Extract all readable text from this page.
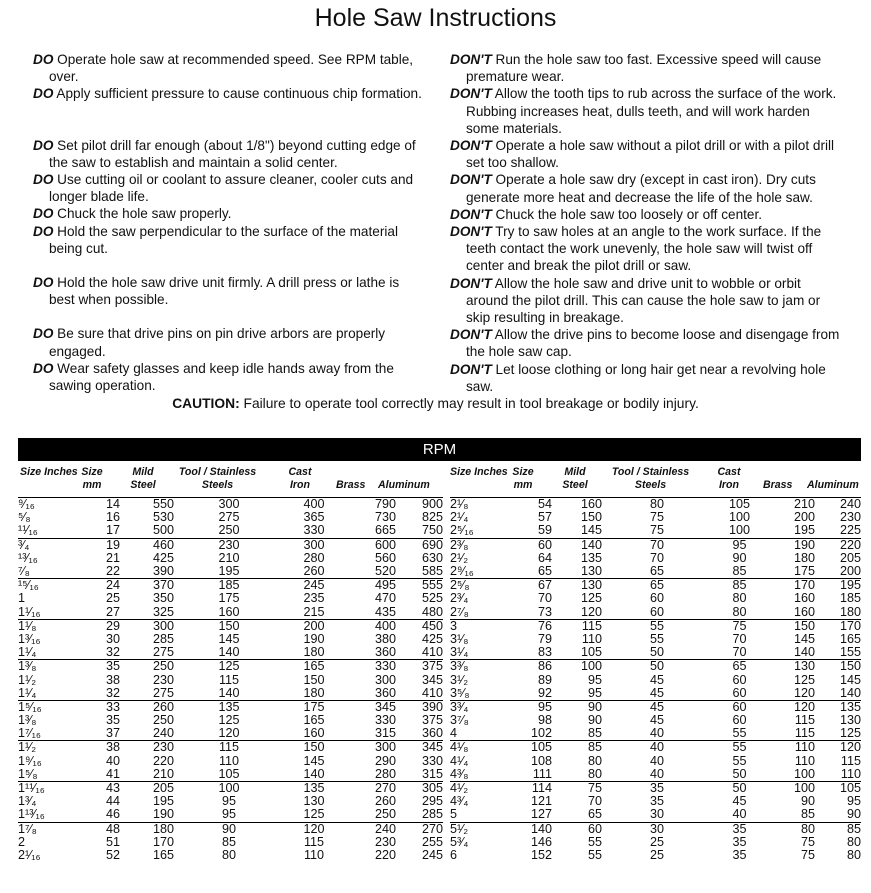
Hole Saw Instructions
DO Operate hole saw at recommended speed. See RPM table, over.
DO Apply sufficient pressure to cause continuous chip formation.
DO Set pilot drill far enough (about 1/8") beyond cutting edge of the saw to establish and maintain a solid center.
DO Use cutting oil or coolant to assure cleaner, cooler cuts and longer blade life.
DO Chuck the hole saw properly.
DO Hold the saw perpendicular to the surface of the material being cut.
DO Hold the hole saw drive unit firmly. A drill press or lathe is best when possible.
DO Be sure that drive pins on pin drive arbors are properly engaged.
DO Wear safety glasses and keep idle hands away from the sawing operation.
DON'T Run the hole saw too fast. Excessive speed will cause premature wear.
DON'T Allow the tooth tips to rub across the surface of the work. Rubbing increases heat, dulls teeth, and will work harden some materials.
DON'T Operate a hole saw without a pilot drill or with a pilot drill set too shallow.
DON'T Operate a hole saw dry (except in cast iron). Dry cuts generate more heat and decrease the life of the hole saw.
DON'T Chuck the hole saw too loosely or off center.
DON'T Try to saw holes at an angle to the work surface. If the teeth contact the work unevenly, the hole saw will twist off center and break the pilot drill or saw.
DON'T Allow the hole saw and drive unit to wobble or orbit around the pilot drill. This can cause the hole saw to jam or skip resulting in breakage.
DON'T Allow the drive pins to become loose and disengage from the hole saw cap.
DON'T Let loose clothing or long hair get near a revolving hole saw.
CAUTION: Failure to operate tool correctly may result in tool breakage or bodily injury.
RPM
Size Inches Size mm
Mild Steel
Tool / Stainless Steels
Cast Iron Brass Aluminum
Size Inches Size mm
Mild Steel
Tool / Stainless Steels
Cast Iron Brass Aluminum
⁹⁄₁₆	14	550	300	400	790	900
⁵⁄₈	16	530	275	365	730	825
¹¹⁄₁₆	17	500	250	330	665	750
³⁄₄	19	460	230	300	600	690
¹³⁄₁₆	21	425	210	280	560	630
⁷⁄₈	22	390	195	260	520	585
¹⁵⁄₁₆	24	370	185	245	495	555
1	25	350	175	235	470	525
1¹⁄₁₆	27	325	160	215	435	480
1¹⁄₈	29	300	150	200	400	450
1³⁄₁₆	30	285	145	190	380	425
1¹⁄₄	32	275	140	180	360	410
1³⁄₈	35	250	125	165	330	375
1¹⁄₂	38	230	115	150	300	345
1¹⁄₄	32	275	140	180	360	410
1⁵⁄₁₆	33	260	135	175	345	390
1³⁄₈	35	250	125	165	330	375
1⁷⁄₁₆	37	240	120	160	315	360
1¹⁄₂	38	230	115	150	300	345
1⁹⁄₁₆	40	220	110	145	290	330
1⁵⁄₈	41	210	105	140	280	315
1¹¹⁄₁₆	43	205	100	135	270	305
1³⁄₄	44	195	95	130	260	295
1¹³⁄₁₆	46	190	95	125	250	285
1⁷⁄₈	48	180	90	120	240	270
2	51	170	85	115	230	255
2¹⁄₁₆	52	165	80	110	220	245
2¹⁄₈	54	160	80	105	210	240
2¹⁄₄	57	150	75	100	200	230
2⁵⁄₁₆	59	145	75	100	195	225
2³⁄₈	60	140	70	95	190	220
2¹⁄₂	64	135	70	90	180	205
2⁹⁄₁₆	65	130	65	85	175	200
2⁵⁄₈	67	130	65	85	170	195
2³⁄₄	70	125	60	80	160	185
2⁷⁄₈	73	120	60	80	160	180
3	76	115	55	75	150	170
3¹⁄₈	79	110	55	70	145	165
3¹⁄₄	83	105	50	70	140	155
3³⁄₈	86	100	50	65	130	150
3¹⁄₂	89	95	45	60	125	145
3⁵⁄₈	92	95	45	60	120	140
3³⁄₄	95	90	45	60	120	135
3⁷⁄₈	98	90	45	60	115	130
4	102	85	40	55	115	125
4¹⁄₈	105	85	40	55	110	120
4¹⁄₄	108	80	40	55	110	115
4³⁄₈	111	80	40	50	100	110
4¹⁄₂	114	75	35	50	100	105
4³⁄₄	121	70	35	45	90	95
5	127	65	30	40	85	90
5¹⁄₂	140	60	30	35	80	85
5³⁄₄	146	55	25	35	75	80
6	152	55	25	35	75	80
